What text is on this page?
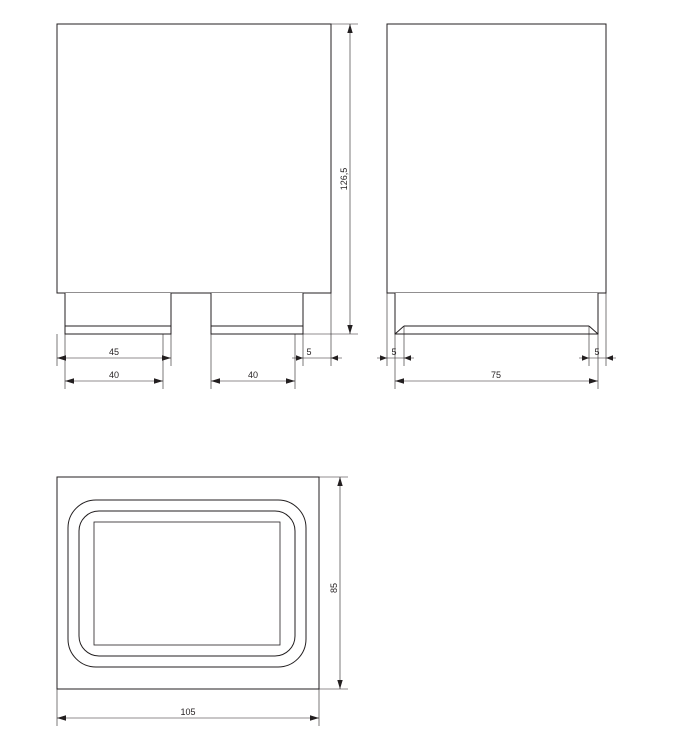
126,5
45	5
40	40
5	5
75
85
105
